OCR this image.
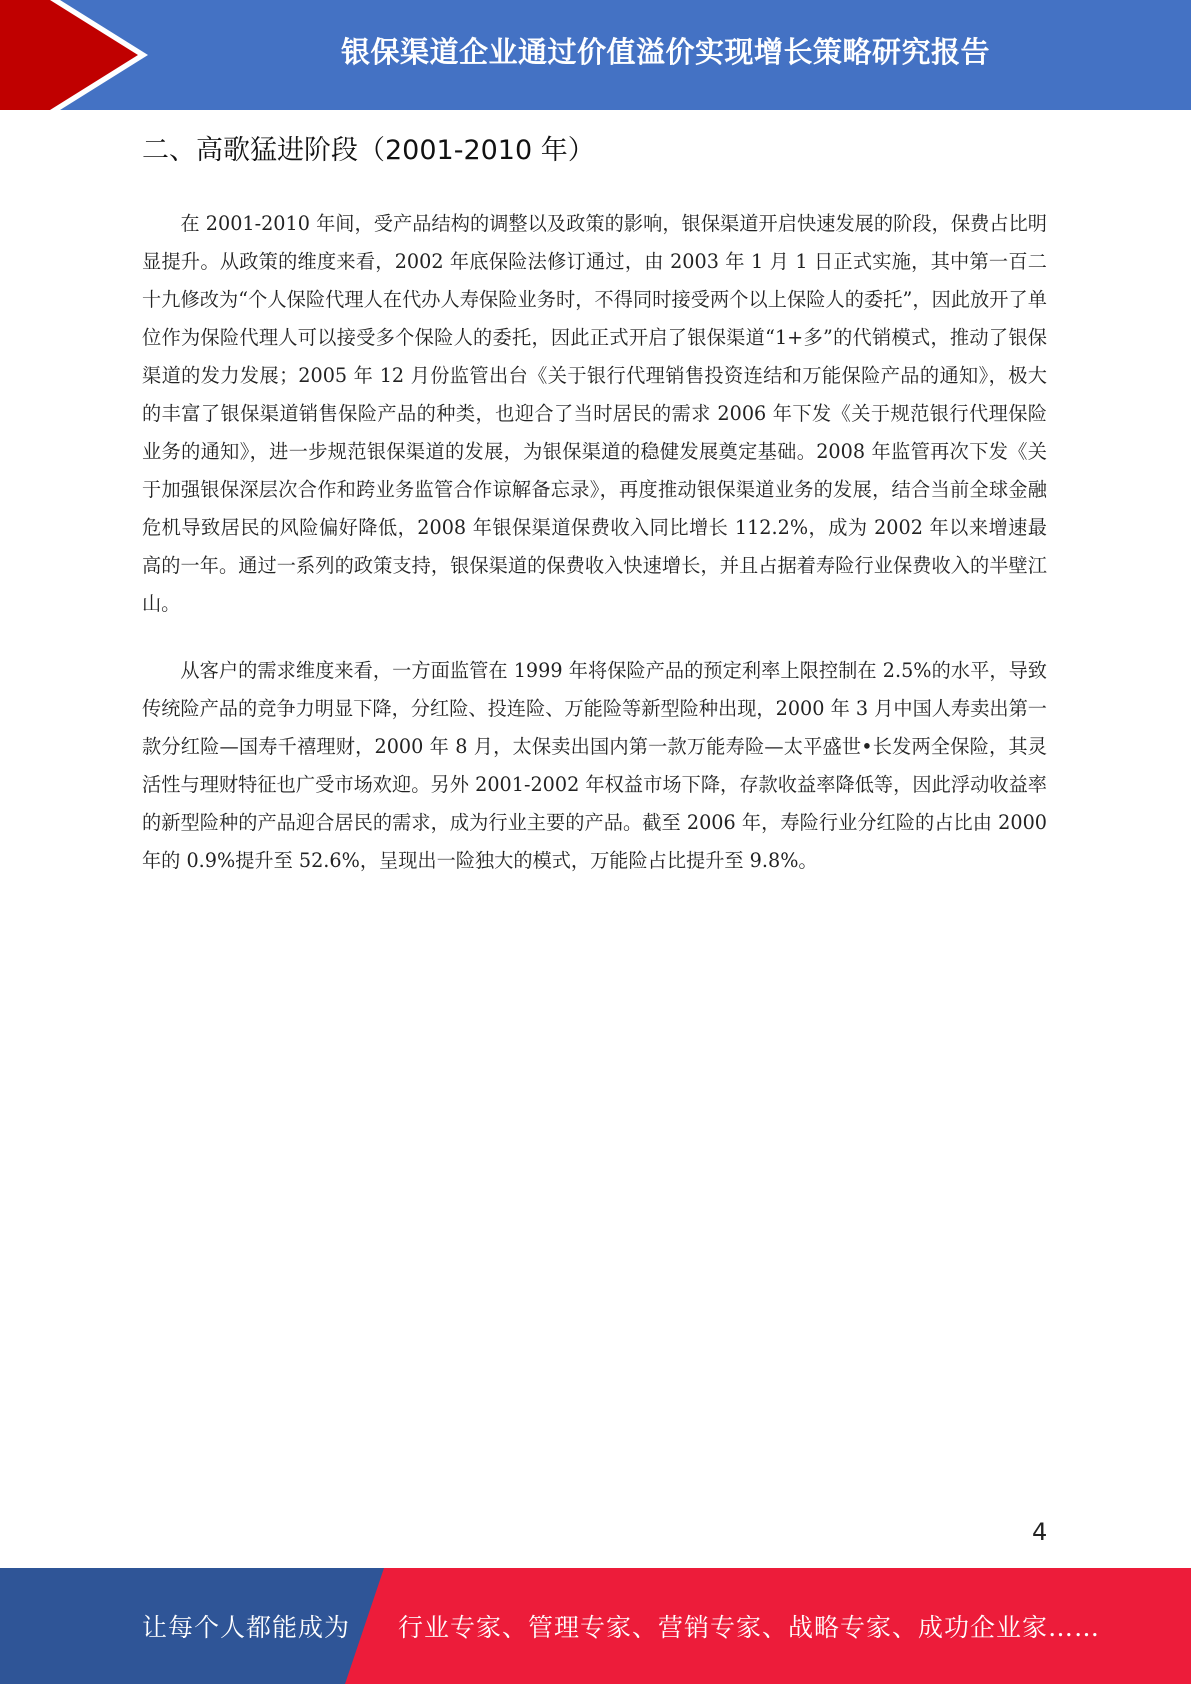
银保渠道企业通过价值溢价实现增长策略研究报告
二、高歌猛进阶段（2001-2010 年）

在 2001-2010 年间，受产品结构的调整以及政策的影响，银保渠道开启快速发展的阶段，保费占比明显提升。从政策的维度来看，2002 年底保险法修订通过，由 2003 年 1 月 1 日正式实施，其中第一百二十九修改为“个人保险代理人在代办人寿保险业务时，不得同时接受两个以上保险人的委托”，因此放开了单位作为保险代理人可以接受多个保险人的委托，因此正式开启了银保渠道“1+多”的代销模式，推动了银保渠道的发力发展；2005 年 12 月份监管出台《关于银行代理销售投资连结和万能保险产品的通知》，极大的丰富了银保渠道销售保险产品的种类，也迎合了当时居民的需求 2006 年下发《关于规范银行代理保险业务的通知》，进一步规范银保渠道的发展，为银保渠道的稳健发展奠定基础。2008 年监管再次下发《关于加强银保深层次合作和跨业务监管合作谅解备忘录》，再度推动银保渠道业务的发展，结合当前全球金融危机导致居民的风险偏好降低，2008 年银保渠道保费收入同比增长 112.2%，成为 2002 年以来增速最高的一年。通过一系列的政策支持，银保渠道的保费收入快速增长，并且占据着寿险行业保费收入的半壁江山。

从客户的需求维度来看，一方面监管在 1999 年将保险产品的预定利率上限控制在 2.5%的水平，导致传统险产品的竞争力明显下降，分红险、投连险、万能险等新型险种出现，2000 年 3 月中国人寿卖出第一款分红险—国寿千禧理财，2000 年 8 月，太保卖出国内第一款万能寿险—太平盛世•长发两全保险，其灵活性与理财特征也广受市场欢迎。另外 2001-2002 年权益市场下降，存款收益率降低等，因此浮动收益率的新型险种的产品迎合居民的需求，成为行业主要的产品。截至 2006 年，寿险行业分红险的占比由 2000 年的 0.9%提升至 52.6%，呈现出一险独大的模式，万能险占比提升至 9.8%。

4
让每个人都能成为 行业专家、管理专家、营销专家、战略专家、成功企业家……
